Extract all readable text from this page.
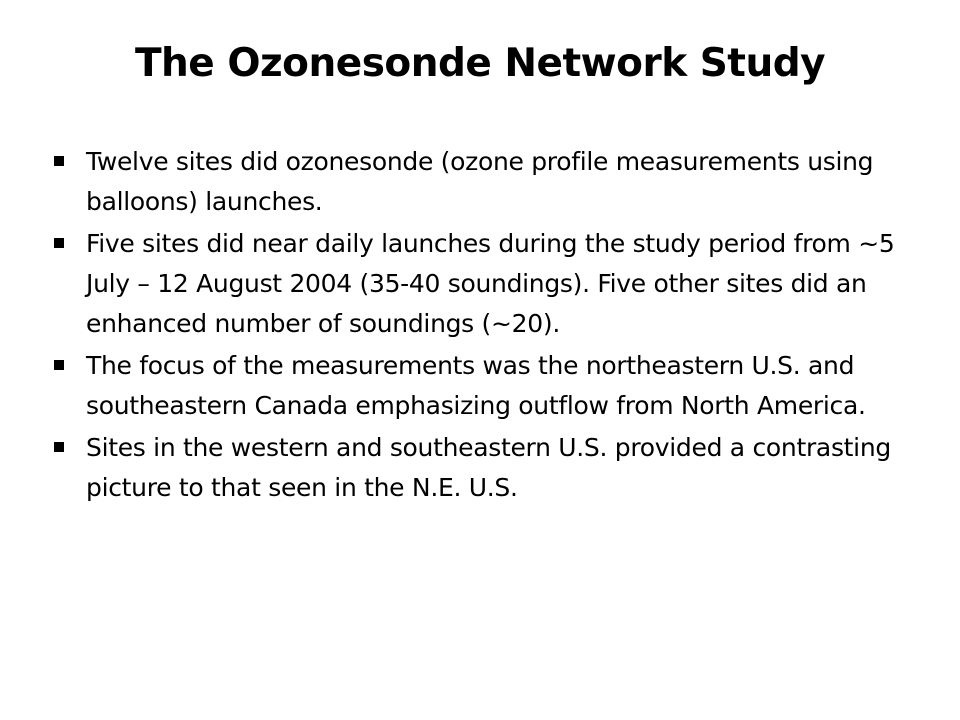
The Ozonesonde Network Study
Twelve sites did ozonesonde (ozone profile measurements using balloons) launches.
Five sites did near daily launches during the study period from ~5 July – 12 August 2004 (35-40 soundings). Five other sites did an enhanced number of soundings (~20).
The focus of the measurements was the northeastern U.S. and southeastern Canada emphasizing outflow from North America.
Sites in the western and southeastern U.S. provided a contrasting picture to that seen in the N.E. U.S.
